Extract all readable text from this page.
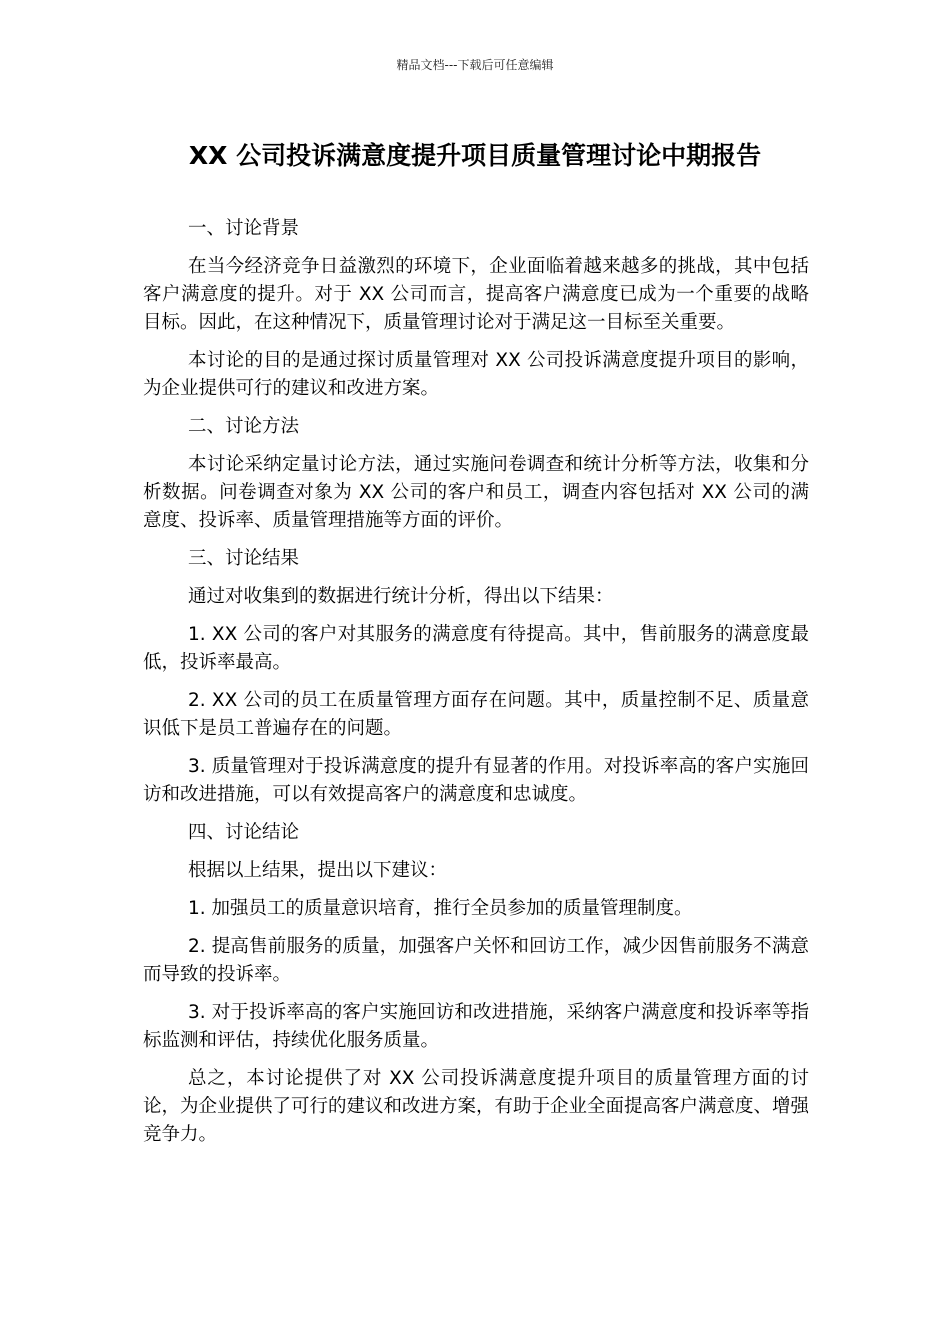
精品文档---下载后可任意编辑
XX 公司投诉满意度提升项目质量管理讨论中期报告

一、讨论背景

在当今经济竞争日益激烈的环境下，企业面临着越来越多的挑战，其中包括客户满意度的提升。对于 XX 公司而言，提高客户满意度已成为一个重要的战略目标。因此，在这种情况下，质量管理讨论对于满足这一目标至关重要。

本讨论的目的是通过探讨质量管理对 XX 公司投诉满意度提升项目的影响，为企业提供可行的建议和改进方案。

二、讨论方法

本讨论采纳定量讨论方法，通过实施问卷调查和统计分析等方法，收集和分析数据。问卷调查对象为 XX 公司的客户和员工，调查内容包括对 XX 公司的满意度、投诉率、质量管理措施等方面的评价。

三、讨论结果

通过对收集到的数据进行统计分析，得出以下结果：

1. XX 公司的客户对其服务的满意度有待提高。其中，售前服务的满意度最低，投诉率最高。

2. XX 公司的员工在质量管理方面存在问题。其中，质量控制不足、质量意识低下是员工普遍存在的问题。

3. 质量管理对于投诉满意度的提升有显著的作用。对投诉率高的客户实施回访和改进措施，可以有效提高客户的满意度和忠诚度。

四、讨论结论

根据以上结果，提出以下建议：

1. 加强员工的质量意识培育，推行全员参加的质量管理制度。

2. 提高售前服务的质量，加强客户关怀和回访工作，减少因售前服务不满意而导致的投诉率。

3. 对于投诉率高的客户实施回访和改进措施，采纳客户满意度和投诉率等指标监测和评估，持续优化服务质量。

总之，本讨论提供了对 XX 公司投诉满意度提升项目的质量管理方面的讨论，为企业提供了可行的建议和改进方案，有助于企业全面提高客户满意度、增强竞争力。
